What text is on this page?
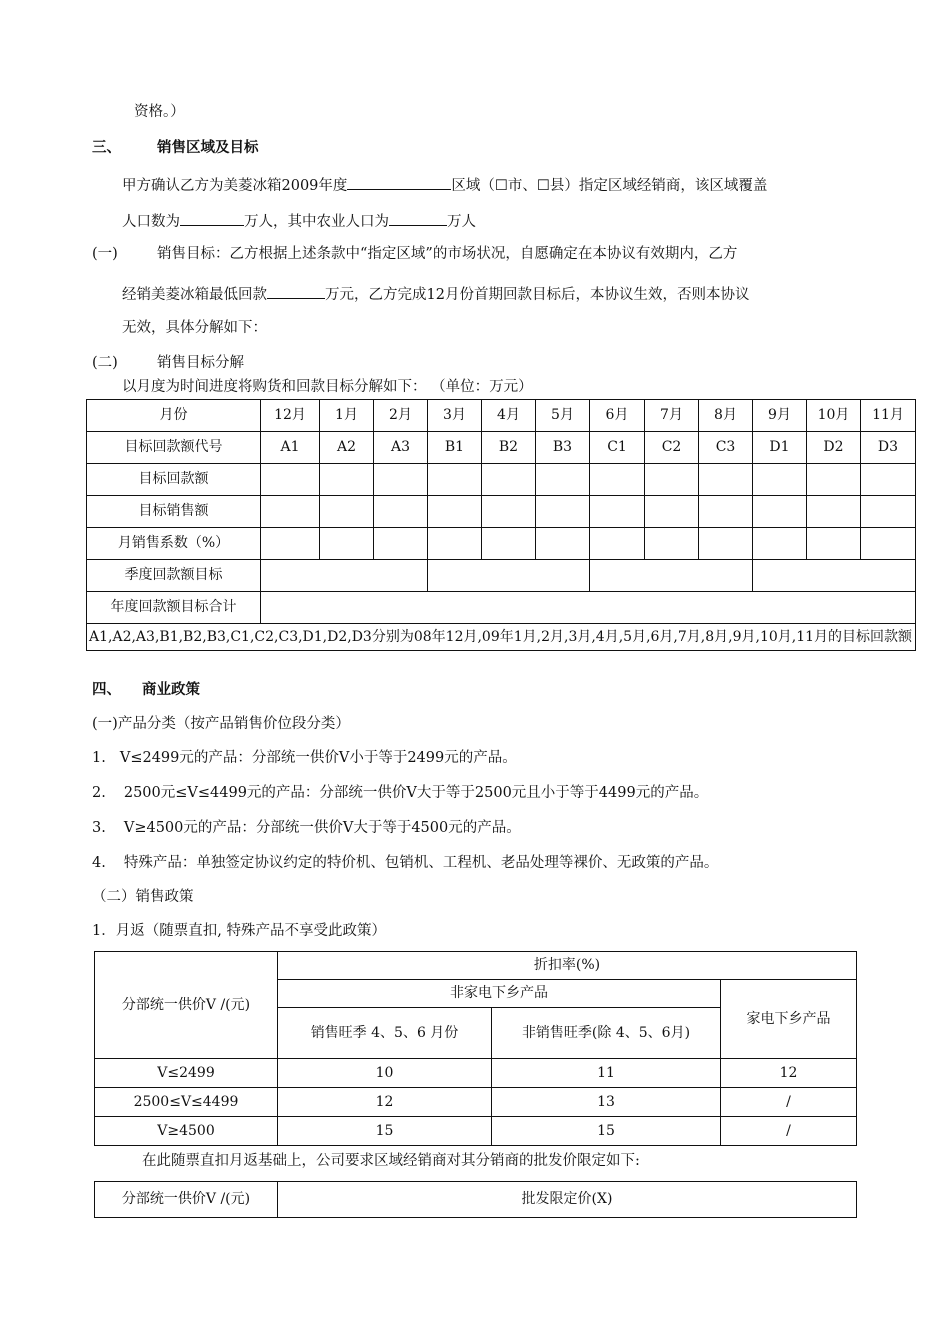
资格。）
三、 销售区域及目标
甲方确认乙方为美菱冰箱2009年度	区域（☐市、☐县）指定区域经销商，该区域覆盖
人口数为	万人，其中农业人口为	万人
(一)	销售目标：乙方根据上述条款中“指定区域”的市场状况，自愿确定在本协议有效期内，乙方
经销美菱冰箱最低回款	万元，乙方完成12月份首期回款目标后，本协议生效，否则本协议
无效，具体分解如下：
(二)	销售目标分解
以月度为时间进度将购货和回款目标分解如下： （单位：万元）
月份	12月	1月	2月	3月	4月	5月	6月	7月	8月	9月	10月	11月
目标回款额代号	A1	A2	A3	B1	B2	B3	C1	C2	C3	D1	D2	D3
目标回款额												
目标销售额												
月销售系数（%）												
季度回款额目标												
年度回款额目标合计												
A1,A2,A3,B1,B2,B3,C1,C2,C3,D1,D2,D3分别为08年12月,09年1月,2月,3月,4月,5月,6月,7月,8月,9月,10月,11月的目标回款额												
四、 商业政策
(一)产品分类（按产品销售价位段分类）
1. V≤2499元的产品：分部统一供价V小于等于2499元的产品。
2. 2500元≤V≤4499元的产品：分部统一供价V大于等于2500元且小于等于4499元的产品。
3. V≥4500元的产品：分部统一供价V大于等于4500元的产品。
4. 特殊产品：单独签定协议约定的特价机、包销机、工程机、老品处理等裸价、无政策的产品。
（二）销售政策
1．月返（随票直扣, 特殊产品不享受此政策）
分部统一供价V /(元)	折扣率(%)		
	非家电下乡产品		家电下乡产品
	销售旺季 4、5、6 月份	非销售旺季(除 4、5、6月)	
V≤2499	10	11	12
2500≤V≤4499	12	13	/
V≥4500	15	15	/
在此随票直扣月返基础上，公司要求区域经销商对其分销商的批发价限定如下:
分部统一供价V /(元)	批发限定价(X)
